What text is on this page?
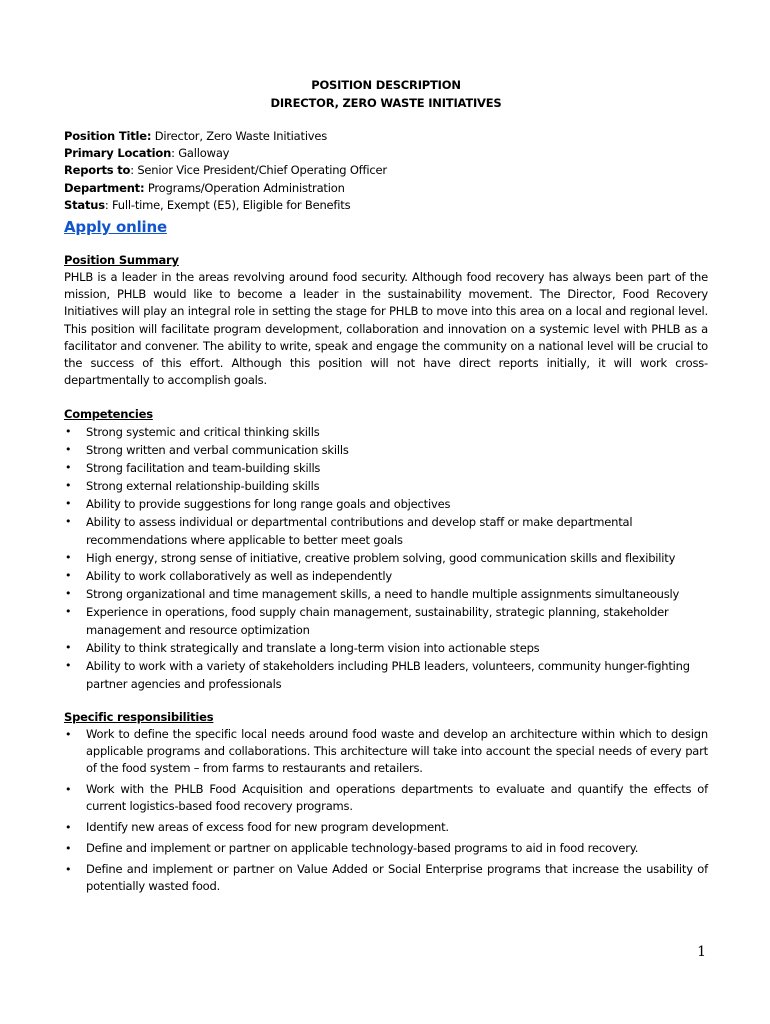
POSITION DESCRIPTION
DIRECTOR, ZERO WASTE INITIATIVES
Position Title: Director, Zero Waste Initiatives
Primary Location: Galloway
Reports to: Senior Vice President/Chief Operating Officer
Department: Programs/Operation Administration
Status: Full-time, Exempt (E5), Eligible for Benefits
Apply online
Position Summary
PHLB is a leader in the areas revolving around food security. Although food recovery has always been part of the mission, PHLB would like to become a leader in the sustainability movement. The Director, Food Recovery Initiatives will play an integral role in setting the stage for PHLB to move into this area on a local and regional level. This position will facilitate program development, collaboration and innovation on a systemic level with PHLB as a facilitator and convener. The ability to write, speak and engage the community on a national level will be crucial to the success of this effort. Although this position will not have direct reports initially, it will work cross-departmentally to accomplish goals.
Competencies
•	Strong systemic and critical thinking skills
•	Strong written and verbal communication skills
•	Strong facilitation and team-building skills
•	Strong external relationship-building skills
•	Ability to provide suggestions for long range goals and objectives
•	Ability to assess individual or departmental contributions and develop staff or make departmental recommendations where applicable to better meet goals
•	High energy, strong sense of initiative, creative problem solving, good communication skills and flexibility
•	Ability to work collaboratively as well as independently
•	Strong organizational and time management skills, a need to handle multiple assignments simultaneously
•	Experience in operations, food supply chain management, sustainability, strategic planning, stakeholder management and resource optimization
•	Ability to think strategically and translate a long-term vision into actionable steps
•	Ability to work with a variety of stakeholders including PHLB leaders, volunteers, community hunger-fighting partner agencies and professionals
Specific responsibilities
•	Work to define the specific local needs around food waste and develop an architecture within which to design applicable programs and collaborations. This architecture will take into account the special needs of every part of the food system – from farms to restaurants and retailers.
•	Work with the PHLB Food Acquisition and operations departments to evaluate and quantify the effects of current logistics-based food recovery programs.
•	Identify new areas of excess food for new program development.
•	Define and implement or partner on applicable technology-based programs to aid in food recovery.
•	Define and implement or partner on Value Added or Social Enterprise programs that increase the usability of potentially wasted food.
1
